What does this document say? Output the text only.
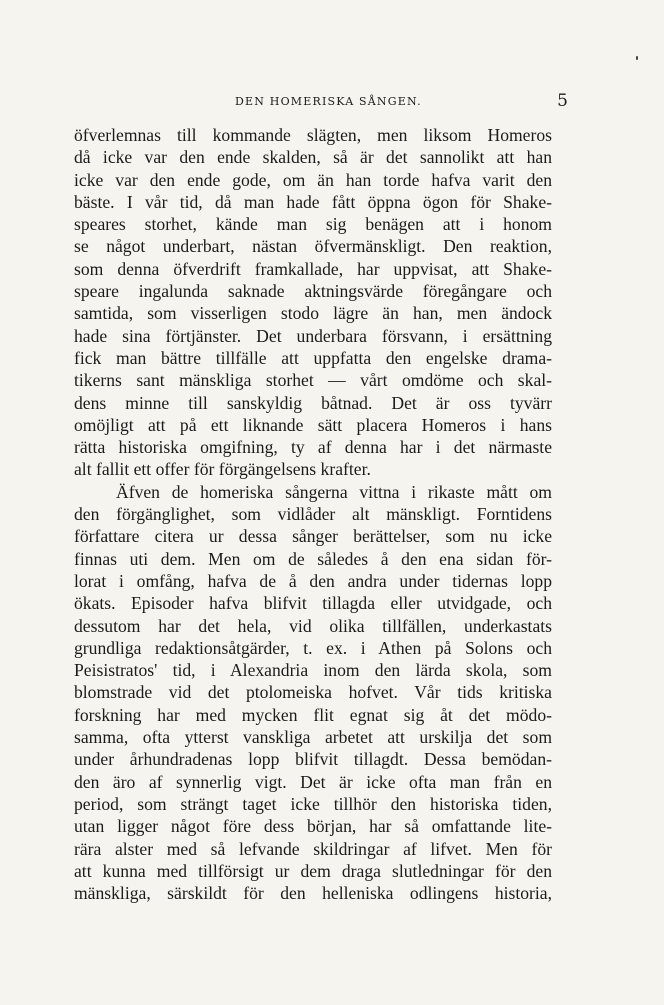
DEN HOMERISKA SÅNGEN.	5
öfverlemnas till kommande slägten, men liksom Homeros
då icke var den ende skalden, så är det sannolikt att han
icke var den ende gode, om än han torde hafva varit den
bäste. I vår tid, då man hade fått öppna ögon för Shake-
speares storhet, kände man sig benägen att i honom
se något underbart, nästan öfvermänskligt. Den reaktion,
som denna öfverdrift framkallade, har uppvisat, att Shake-
speare ingalunda saknade aktningsvärde föregångare och
samtida, som visserligen stodo lägre än han, men ändock
hade sina förtjänster. Det underbara försvann, i ersättning
fick man bättre tillfälle att uppfatta den engelske drama-
tikerns sant mänskliga storhet — vårt omdöme och skal-
dens minne till sanskyldig båtnad. Det är oss tyvärr
omöjligt att på ett liknande sätt placera Homeros i hans
rätta historiska omgifning, ty af denna har i det närmaste
alt fallit ett offer för förgängelsens krafter.
Äfven de homeriska sångerna vittna i rikaste mått om
den förgänglighet, som vidlåder alt mänskligt. Forntidens
författare citera ur dessa sånger berättelser, som nu icke
finnas uti dem. Men om de således å den ena sidan för-
lorat i omfång, hafva de å den andra under tidernas lopp
ökats. Episoder hafva blifvit tillagda eller utvidgade, och
dessutom har det hela, vid olika tillfällen, underkastats
grundliga redaktionsåtgärder, t. ex. i Athen på Solons och
Peisistratos' tid, i Alexandria inom den lärda skola, som
blomstrade vid det ptolomeiska hofvet. Vår tids kritiska
forskning har med mycken flit egnat sig åt det mödo-
samma, ofta ytterst vanskliga arbetet att urskilja det som
under århundradenas lopp blifvit tillagdt. Dessa bemödan-
den äro af synnerlig vigt. Det är icke ofta man från en
period, som strängt taget icke tillhör den historiska tiden,
utan ligger något före dess början, har så omfattande lite-
rära alster med så lefvande skildringar af lifvet. Men för
att kunna med tillförsigt ur dem draga slutledningar för den
mänskliga, särskildt för den helleniska odlingens historia,
